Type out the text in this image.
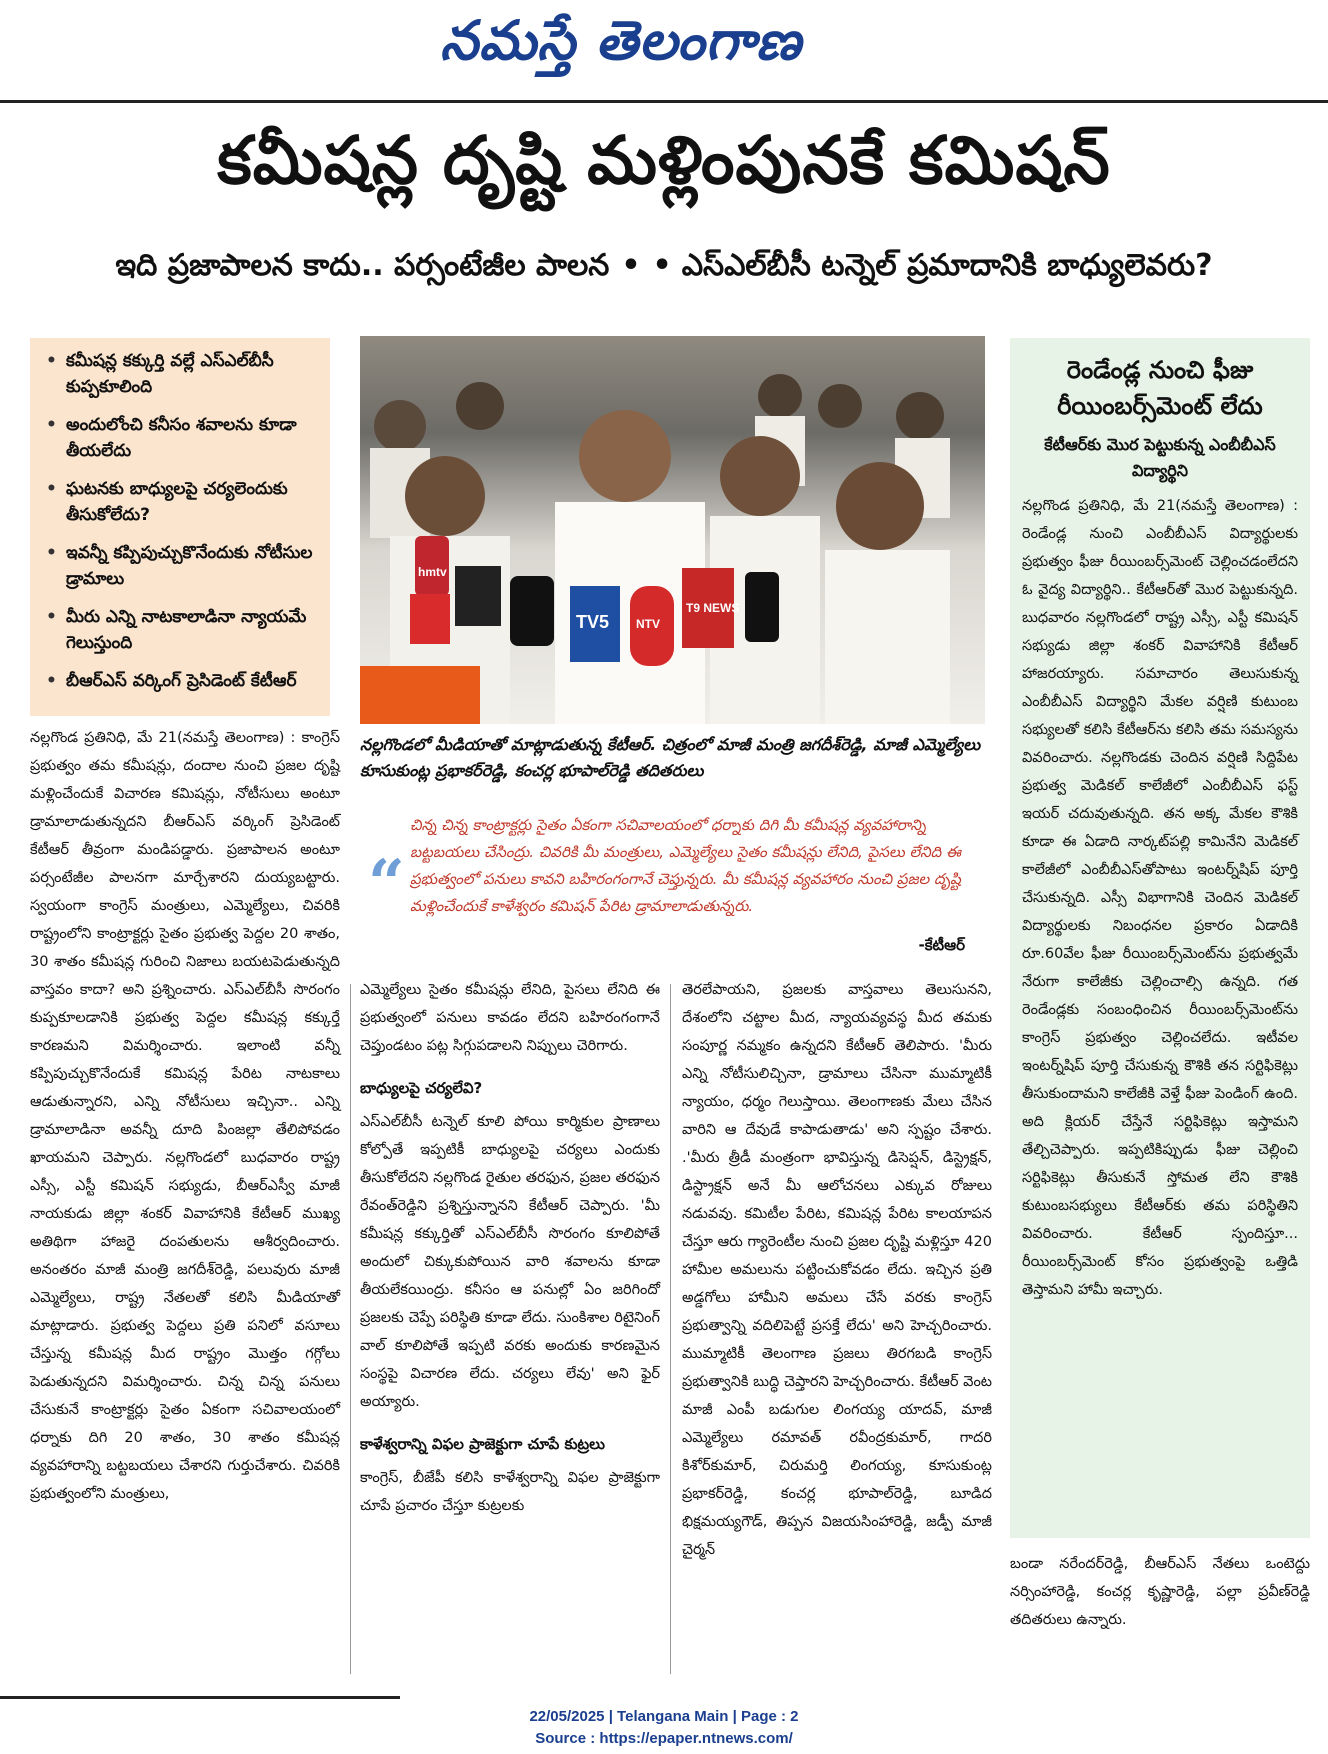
నమస్తే తెలంగాణ
కమీషన్ల దృష్టి మళ్లింపునకే కమిషన్
ఇది ప్రజాపాలన కాదు.. పర్సంటేజీల పాలన • • ఎస్ఎల్‌బీసీ టన్నెల్ ప్రమాదానికి బాధ్యులెవరు?
• కమీషన్ల కక్కుర్తి వల్లే ఎస్ఎల్‌బీసీ కుప్పకూలింది
• అందులోంచి కనీసం శవాలను కూడా తీయలేదు
• ఘటనకు బాధ్యులపై చర్యలెందుకు తీసుకోలేదు?
• ఇవన్నీ కప్పిపుచ్చుకొనేందుకు నోటీసుల డ్రామాలు
• మీరు ఎన్ని నాటకాలాడినా న్యాయమే గెలుస్తుంది
• బీఆర్ఎస్ వర్కింగ్ ప్రెసిడెంట్ కేటీఆర్
hmtv
TV5 NTV
T9 NEWS
నల్లగొండలో మీడియాతో మాట్లాడుతున్న కేటీఆర్. చిత్రంలో మాజీ మంత్రి జగదీశ్‌రెడ్డి, మాజీ ఎమ్మెల్యేలు కూసుకుంట్ల ప్రభాకర్‌రెడ్డి, కంచర్ల భూపాల్‌రెడ్డి తదితరులు
“
చిన్న చిన్న కాంట్రాక్టర్లు సైతం ఏకంగా సచివాలయంలో ధర్నాకు దిగి మీ కమీషన్ల వ్యవహారాన్ని బట్టబయలు చేసింద్రు. చివరికి మీ మంత్రులు, ఎమ్మెల్యేలు సైతం కమీషన్లు లేనిది, పైసలు లేనిది ఈ ప్రభుత్వంలో పనులు కావని బహిరంగంగానే చెప్తున్నరు. మీ కమీషన్ల వ్యవహారం నుంచి ప్రజల దృష్టి మళ్లించేందుకే కాళేశ్వరం కమిషన్ పేరిట డ్రామాలాడుతున్నరు.
-కేటీఆర్
రెండేండ్ల నుంచి ఫీజు రీయింబర్స్‌మెంట్ లేదు
కేటీఆర్‌కు మొర పెట్టుకున్న ఎంబీబీఎస్ విద్యార్థిని
నల్లగొండ ప్రతినిధి, మే 21(నమస్తే తెలంగాణ) : రెండేండ్ల నుంచి ఎంబీబీఎస్ విద్యార్థులకు ప్రభుత్వం ఫీజు రీయింబర్స్‌మెంట్ చెల్లించడంలేదని ఓ వైద్య విద్యార్థిని.. కేటీఆర్‌తో మొర పెట్టుకున్నది. బుధవారం నల్లగొండలో రాష్ట్ర ఎస్సీ, ఎస్టీ కమిషన్ సభ్యుడు జిల్లా శంకర్ వివాహానికి కేటీఆర్ హాజరయ్యారు. సమాచారం తెలుసుకున్న ఎంబీబీఎస్ విద్యార్థిని మేకల వర్షిణి కుటుంబ సభ్యులతో కలిసి కేటీఆర్‌ను కలిసి తమ సమస్యను వివరించారు. నల్లగొండకు చెందిన వర్షిణి సిద్దిపేట ప్రభుత్వ మెడికల్ కాలేజీలో ఎంబీబీఎస్ ఫస్ట్ ఇయర్ చదువుతున్నది. తన అక్క మేకల కౌశికి కూడా ఈ ఏడాది నార్కట్‌పల్లి కామినేని మెడికల్ కాలేజీలో ఎంబీబీఎస్‌తోపాటు ఇంటర్న్‌షిప్ పూర్తి చేసుకున్నది. ఎస్సీ విభాగానికి చెందిన మెడికల్ విద్యార్థులకు నిబంధనల ప్రకారం ఏడాదికి రూ.60వేల ఫీజు రీయింబర్స్‌మెంట్‌ను ప్రభుత్వమే నేరుగా కాలేజీకు చెల్లించాల్సి ఉన్నది. గత రెండేండ్లకు సంబంధించిన రీయింబర్స్‌మెంట్‌ను కాంగ్రెస్ ప్రభుత్వం చెల్లించలేదు. ఇటీవల ఇంటర్న్‌షిప్ పూర్తి చేసుకున్న కౌశికి తన సర్టిఫికెట్లు తీసుకుందామని కాలేజీకి వెళ్తే ఫీజు పెండింగ్ ఉంది. అది క్లియర్ చేస్తేనే సర్టిఫికెట్లు ఇస్తామని తేల్చిచెప్పారు. ఇప్పటికిప్పుడు ఫీజు చెల్లించి సర్టిఫికెట్లు తీసుకునే స్తోమత లేని కౌశికి కుటుంబసభ్యులు కేటీఆర్‌కు తమ పరిస్థితిని వివరించారు. కేటీఆర్ స్పందిస్తూ... రీయింబర్స్‌మెంట్ కోసం ప్రభుత్వంపై ఒత్తిడి తెస్తామని హామీ ఇచ్చారు.

నల్లగొండ ప్రతినిధి, మే 21(నమస్తే తెలంగాణ) : కాంగ్రెస్ ప్రభుత్వం తమ కమీషన్లు, దందాల నుంచి ప్రజల దృష్టి మళ్లించేందుకే విచారణ కమిషన్లు, నోటీసులు అంటూ డ్రామాలాడుతున్నదని బీఆర్ఎస్ వర్కింగ్ ప్రెసిడెంట్ కేటీఆర్ తీవ్రంగా మండిపడ్డారు. ప్రజాపాలన అంటూ పర్సంటేజీల పాలనగా మార్చేశారని దుయ్యబట్టారు. స్వయంగా కాంగ్రెస్ మంత్రులు, ఎమ్మెల్యేలు, చివరికి రాష్ట్రంలోని కాంట్రాక్టర్లు సైతం ప్రభుత్వ పెద్దల 20 శాతం, 30 శాతం కమీషన్ల గురించి నిజాలు బయటపెడుతున్నది వాస్తవం కాదా? అని ప్రశ్నించారు. ఎస్ఎల్‌బీసీ సొరంగం కుప్పకూలడానికి ప్రభుత్వ పెద్దల కమీషన్ల కక్కుర్తే కారణమని విమర్శించారు. ఇలాంటి వన్నీ కప్పిపుచ్చుకొనేందుకే కమిషన్ల పేరిట నాటకాలు ఆడుతున్నారని, ఎన్ని నోటీసులు ఇచ్చినా.. ఎన్ని డ్రామాలాడినా అవన్నీ దూది పింజల్లా తేలిపోవడం ఖాయమని చెప్పారు. నల్లగొండలో బుధవారం రాష్ట్ర ఎస్సీ, ఎస్టీ కమిషన్ సభ్యుడు, బీఆర్ఎస్వీ మాజీ నాయకుడు జిల్లా శంకర్ వివాహానికి కేటీఆర్ ముఖ్య అతిథిగా హాజరై దంపతులను ఆశీర్వదించారు. అనంతరం మాజీ మంత్రి జగదీశ్‌రెడ్డి, పలువురు మాజీ ఎమ్మెల్యేలు, రాష్ట్ర నేతలతో కలిసి మీడియాతో మాట్లాడారు. ప్రభుత్వ పెద్దలు ప్రతి పనిలో వసూలు చేస్తున్న కమీషన్ల మీద రాష్ట్రం మొత్తం గగ్గోలు పెడుతున్నదని విమర్శించారు. చిన్న చిన్న పనులు చేసుకునే కాంట్రాక్టర్లు సైతం ఏకంగా సచివాలయంలో ధర్నాకు దిగి 20 శాతం, 30 శాతం కమీషన్ల వ్యవహారాన్ని బట్టబయలు చేశారని గుర్తుచేశారు. చివరికి ప్రభుత్వంలోని మంత్రులు,

ఎమ్మెల్యేలు సైతం కమీషన్లు లేనిది, పైసలు లేనిది ఈ ప్రభుత్వంలో పనులు కావడం లేదని బహిరంగంగానే చెప్తుండటం పట్ల సిగ్గుపడాలని నిప్పులు చెరిగారు.

బాధ్యులపై చర్యలేవి?

ఎస్ఎల్‌బీసీ టన్నెల్ కూలి పోయి కార్మికుల ప్రాణాలు కోల్పోతే ఇప్పటికీ బాధ్యులపై చర్యలు ఎందుకు తీసుకోలేదని నల్లగొండ రైతుల తరఫున, ప్రజల తరఫున రేవంత్‌రెడ్డిని ప్రశ్నిస్తున్నానని కేటీఆర్ చెప్పారు. 'మీ కమీషన్ల కక్కుర్తితో ఎస్ఎల్‌బీసీ సొరంగం కూలిపోతే అందులో చిక్కుకుపోయిన వారి శవాలను కూడా తీయలేకయింద్రు. కనీసం ఆ పనుల్లో ఏం జరిగిందో ప్రజలకు చెప్పే పరిస్థితి కూడా లేదు. సుంకిశాల రిటైనింగ్ వాల్ కూలిపోతే ఇప్పటి వరకు అందుకు కారణమైన సంస్థపై విచారణ లేదు. చర్యలు లేవు' అని ఫైర్ అయ్యారు.

కాళేశ్వరాన్ని విఫల ప్రాజెక్టుగా చూపే కుట్రలు

కాంగ్రెస్, బీజేపీ కలిసి కాళేశ్వరాన్ని విఫల ప్రాజెక్టుగా చూపే ప్రచారం చేస్తూ కుట్రలకు

తెరలేపాయని, ప్రజలకు వాస్తవాలు తెలుసునని, దేశంలోని చట్టాల మీద, న్యాయవ్యవస్థ మీద తమకు సంపూర్ణ నమ్మకం ఉన్నదని కేటీఆర్ తెలిపారు. 'మీరు ఎన్ని నోటీసులిచ్చినా, డ్రామాలు చేసినా ముమ్మాటికీ న్యాయం, ధర్మం గెలుస్తాయి. తెలంగాణకు మేలు చేసిన వారిని ఆ దేవుడే కాపాడుతాడు' అని స్పష్టం చేశారు. .'మీరు త్రీడీ మంత్రంగా భావిస్తున్న డిసెప్షన్, డిస్ట్రెక్షన్, డిస్ట్రాక్షన్ అనే మీ ఆలోచనలు ఎక్కువ రోజులు నడువవు. కమిటీల పేరిట, కమిషన్ల పేరిట కాలయాపన చేస్తూ ఆరు గ్యారెంటీల నుంచి ప్రజల దృష్టి మళ్లిస్తూ 420 హామీల అమలును పట్టించుకోవడం లేదు. ఇచ్చిన ప్రతి అడ్డగోలు హామీని అమలు చేసే వరకు కాంగ్రెస్ ప్రభుత్వాన్ని వదిలిపెట్టే ప్రసక్తే లేదు' అని హెచ్చరించారు. ముమ్మాటికీ తెలంగాణ ప్రజలు తిరగబడి కాంగ్రెస్ ప్రభుత్వానికి బుద్ధి చెప్తారని హెచ్చరించారు. కేటీఆర్ వెంట మాజీ ఎంపీ బడుగుల లింగయ్య యాదవ్, మాజీ ఎమ్మెల్యేలు రమావత్ రవీంద్రకుమార్, గాదరి కిశోర్‌కుమార్, చిరుమర్తి లింగయ్య, కూసుకుంట్ల ప్రభాకర్‌రెడ్డి, కంచర్ల భూపాల్‌రెడ్డి, బూడిద భిక్షమయ్యగౌడ్, తిప్పన విజయసింహారెడ్డి, జడ్పీ మాజీ చైర్మన్

బండా నరేందర్‌రెడ్డి, బీఆర్ఎస్ నేతలు ఒంటెద్దు నర్సింహారెడ్డి, కంచర్ల కృష్ణారెడ్డి, పల్లా ప్రవీణ్‌రెడ్డి తదితరులు ఉన్నారు.

22/05/2025 | Telangana Main | Page : 2
Source : https://epaper.ntnews.com/
